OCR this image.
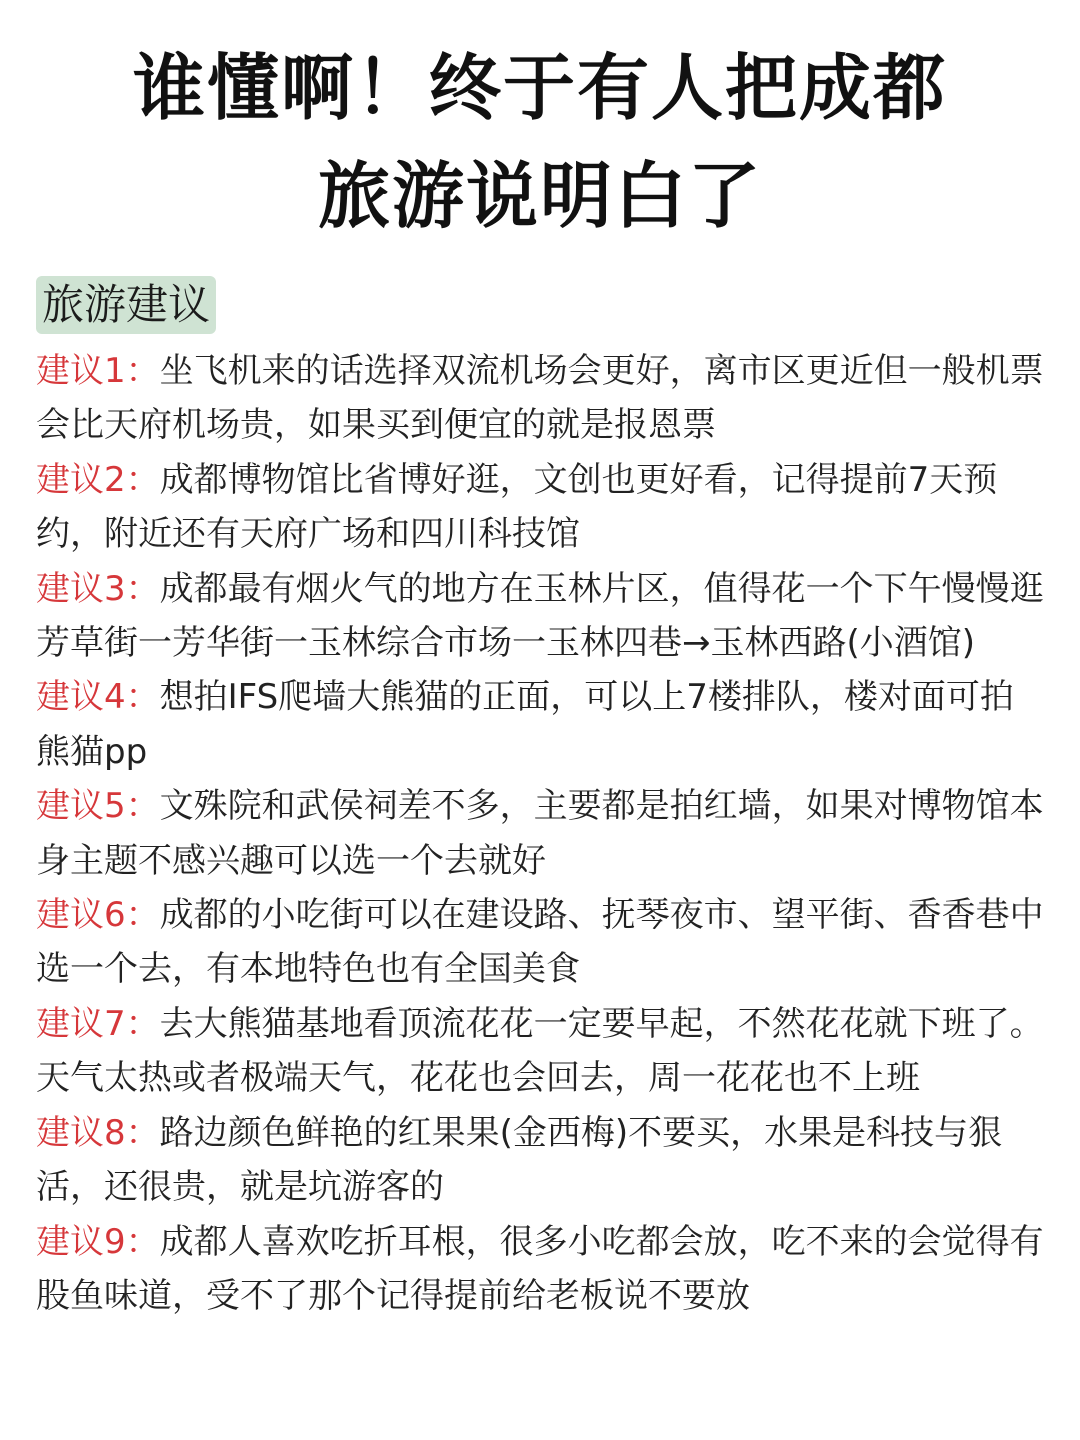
谁懂啊！终于有人把成都
旅游说明白了
旅游建议
建议1：坐飞机来的话选择双流机场会更好，离市区更近但一般机票会比天府机场贵，如果买到便宜的就是报恩票
建议2：成都博物馆比省博好逛，文创也更好看，记得提前7天预约，附近还有天府广场和四川科技馆
建议3：成都最有烟火气的地方在玉林片区，值得花一个下午慢慢逛芳草街一芳华街一玉林综合市场一玉林四巷→玉林西路(小酒馆)
建议4：想拍IFS爬墙大熊猫的正面，可以上7楼排队，楼对面可拍熊猫pp
建议5：文殊院和武侯祠差不多，主要都是拍红墙，如果对博物馆本身主题不感兴趣可以选一个去就好
建议6：成都的小吃街可以在建设路、抚琴夜市、望平街、香香巷中选一个去，有本地特色也有全国美食
建议7：去大熊猫基地看顶流花花一定要早起，不然花花就下班了。天气太热或者极端天气，花花也会回去，周一花花也不上班
建议8：路边颜色鲜艳的红果果(金西梅)不要买，水果是科技与狠活，还很贵，就是坑游客的
建议9：成都人喜欢吃折耳根，很多小吃都会放，吃不来的会觉得有股鱼味道，受不了那个记得提前给老板说不要放
